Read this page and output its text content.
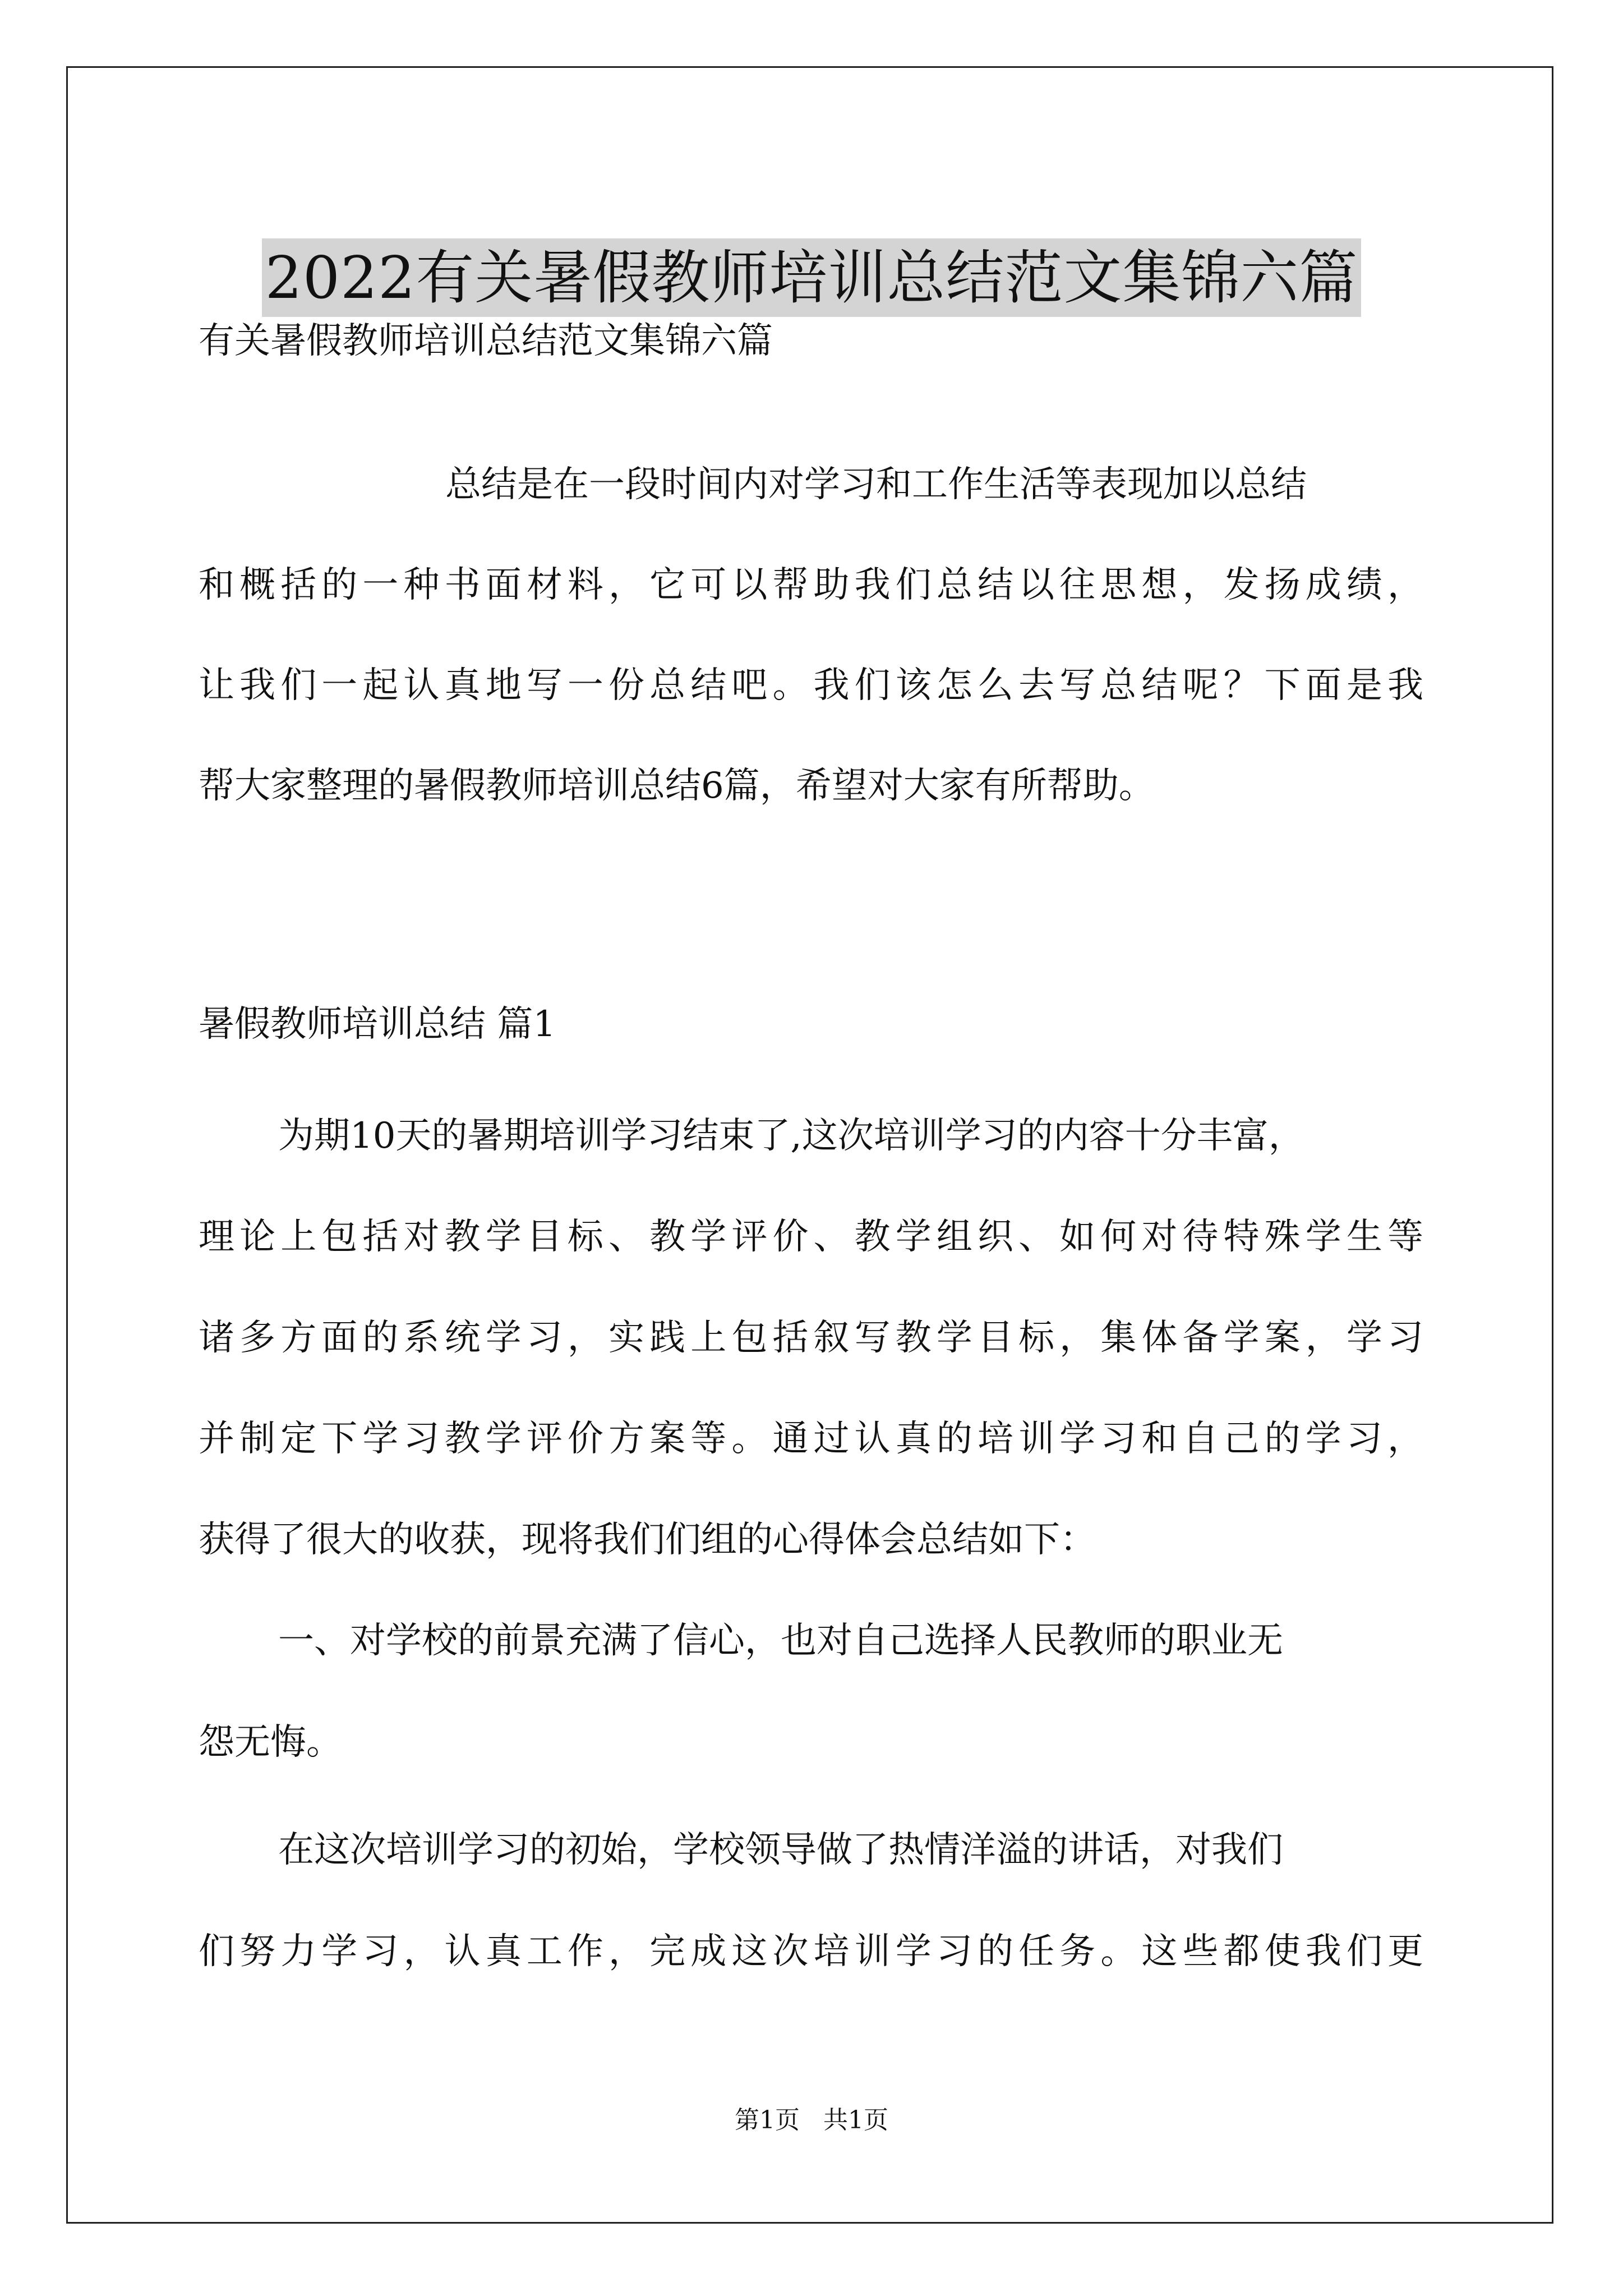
2022有关暑假教师培训总结范文集锦六篇
有关暑假教师培训总结范文集锦六篇
总结是在一段时间内对学习和工作生活等表现加以总结
和概括的一种书面材料，它可以帮助我们总结以往思想，发扬成绩，
让我们一起认真地写一份总结吧。我们该怎么去写总结呢？下面是我
帮大家整理的暑假教师培训总结6篇，希望对大家有所帮助。
暑假教师培训总结 篇1
为期10天的暑期培训学习结束了,这次培训学习的内容十分丰富，
理论上包括对教学目标、教学评价、教学组织、如何对待特殊学生等
诸多方面的系统学习，实践上包括叙写教学目标，集体备学案，学习
并制定下学习教学评价方案等。通过认真的培训学习和自己的学习，
获得了很大的收获，现将我们们组的心得体会总结如下：
一、对学校的前景充满了信心，也对自己选择人民教师的职业无
怨无悔。
在这次培训学习的初始，学校领导做了热情洋溢的讲话，对我们
们努力学习，认真工作，完成这次培训学习的任务。这些都使我们更
第1页 共1页
